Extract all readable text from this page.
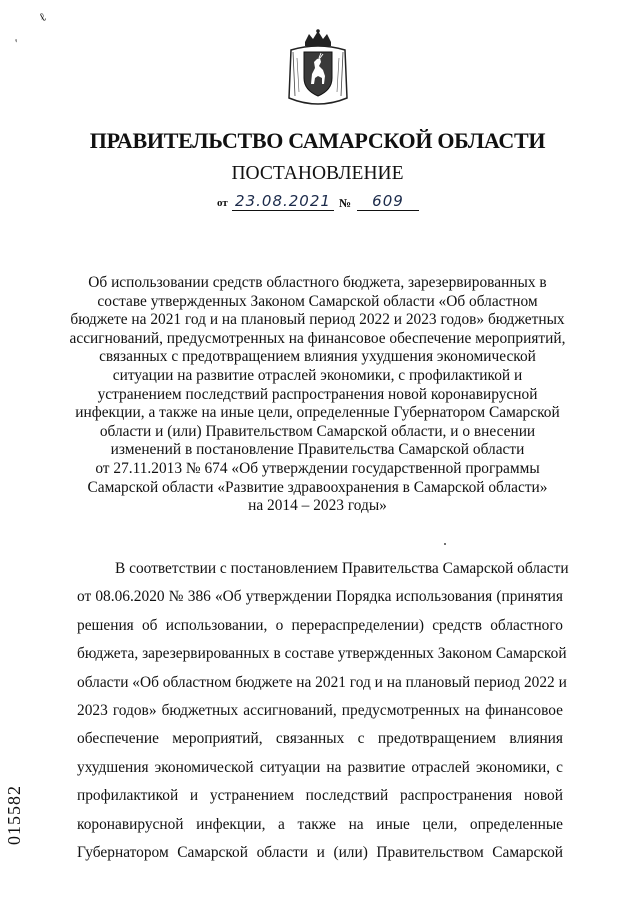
ℓ
ʹ
ПРАВИТЕЛЬСТВО САМАРСКОЙ ОБЛАСТИ
ПОСТАНОВЛЕНИЕ
от 23.08.2021 №	609
Об использовании средств областного бюджета, зарезервированных в
составе утвержденных Законом Самарской области «Об областном
бюджете на 2021 год и на плановый период 2022 и 2023 годов» бюджетных
ассигнований, предусмотренных на финансовое обеспечение мероприятий,
связанных с предотвращением влияния ухудшения экономической
ситуации на развитие отраслей экономики, с профилактикой и
устранением последствий распространения новой коронавирусной
инфекции, а также на иные цели, определенные Губернатором Самарской
области и (или) Правительством Самарской области, и о внесении
изменений в постановление Правительства Самарской области
от 27.11.2013 № 674 «Об утверждении государственной программы
Самарской области «Развитие здравоохранения в Самарской области»
на 2014 – 2023 годы»
В соответствии с постановлением Правительства Самарской области
от 08.06.2020 № 386 «Об утверждении Порядка использования (принятия
решения об использовании, о перераспределении) средств областного
бюджета, зарезервированных в составе утвержденных Законом Самарской
области «Об областном бюджете на 2021 год и на плановый период 2022 и
2023 годов» бюджетных ассигнований, предусмотренных на финансовое
обеспечение мероприятий, связанных с предотвращением влияния
ухудшения экономической ситуации на развитие отраслей экономики, с
профилактикой и устранением последствий распространения новой
коронавирусной инфекции, а также на иные цели, определенные
Губернатором Самарской области и (или) Правительством Самарской
015582
